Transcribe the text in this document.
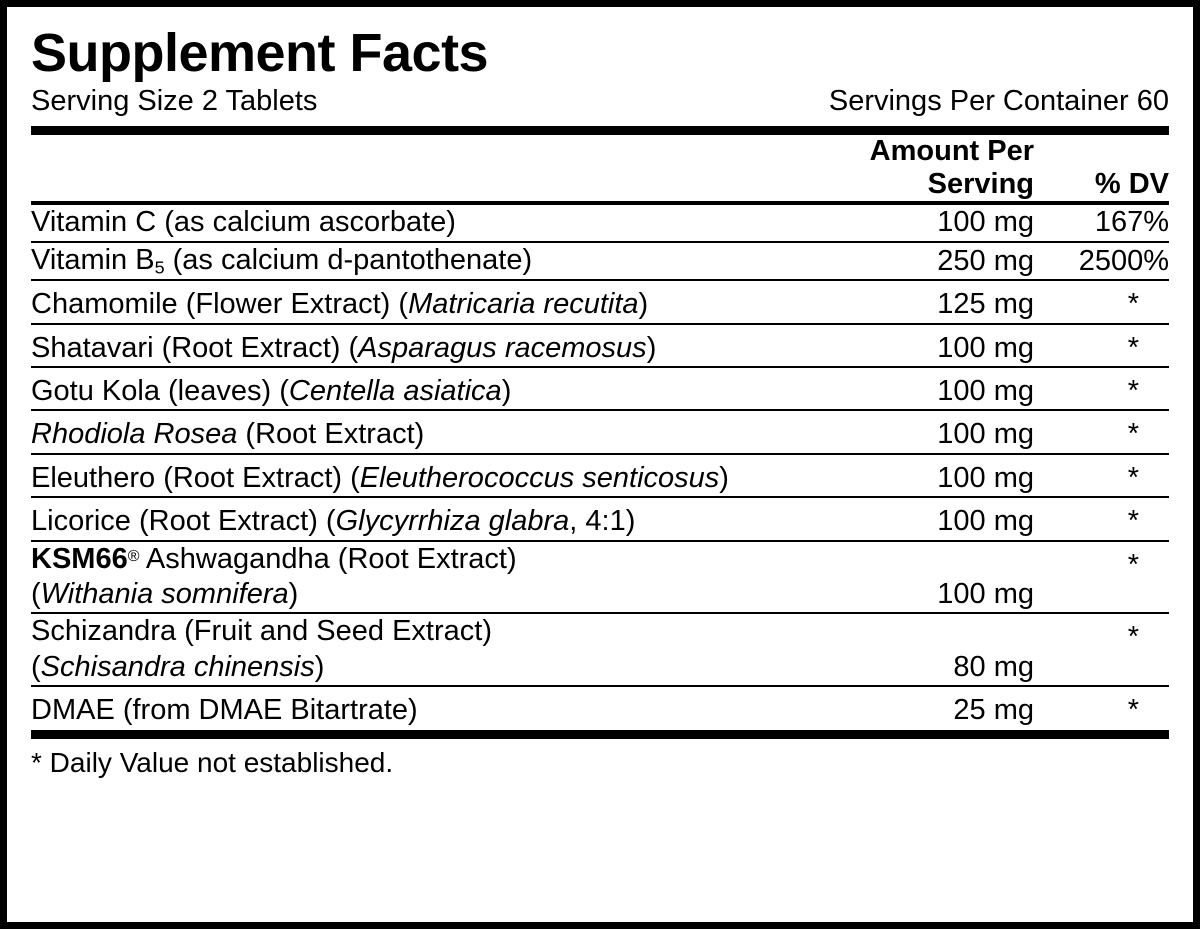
Supplement Facts
Serving Size 2 Tablets	Servings Per Container 60
	Amount Per Serving	% DV
Vitamin C (as calcium ascorbate)	100 mg	167%
Vitamin $B_5$ (as calcium d-pantothenate)	250 mg	2500%
Chamomile (Flower Extract) (Matricaria recutita)	125 mg	*
Shatavari (Root Extract) (Asparagus racemosus)	100 mg	*
Gotu Kola (leaves) (Centella asiatica)	100 mg	*
Rhodiola Rosea (Root Extract)	100 mg	*
Eleuthero (Root Extract) (Eleutherococcus senticosus)	100 mg	*
Licorice (Root Extract) (Glycyrrhiza glabra, 4:1)	100 mg	*
KSM66® Ashwagandha (Root Extract)
(Withania somnifera)	100 mg	*
Schizandra (Fruit and Seed Extract)
(Schisandra chinensis)	80 mg	*
DMAE (from DMAE Bitartrate)	25 mg	*
* Daily Value not established.
